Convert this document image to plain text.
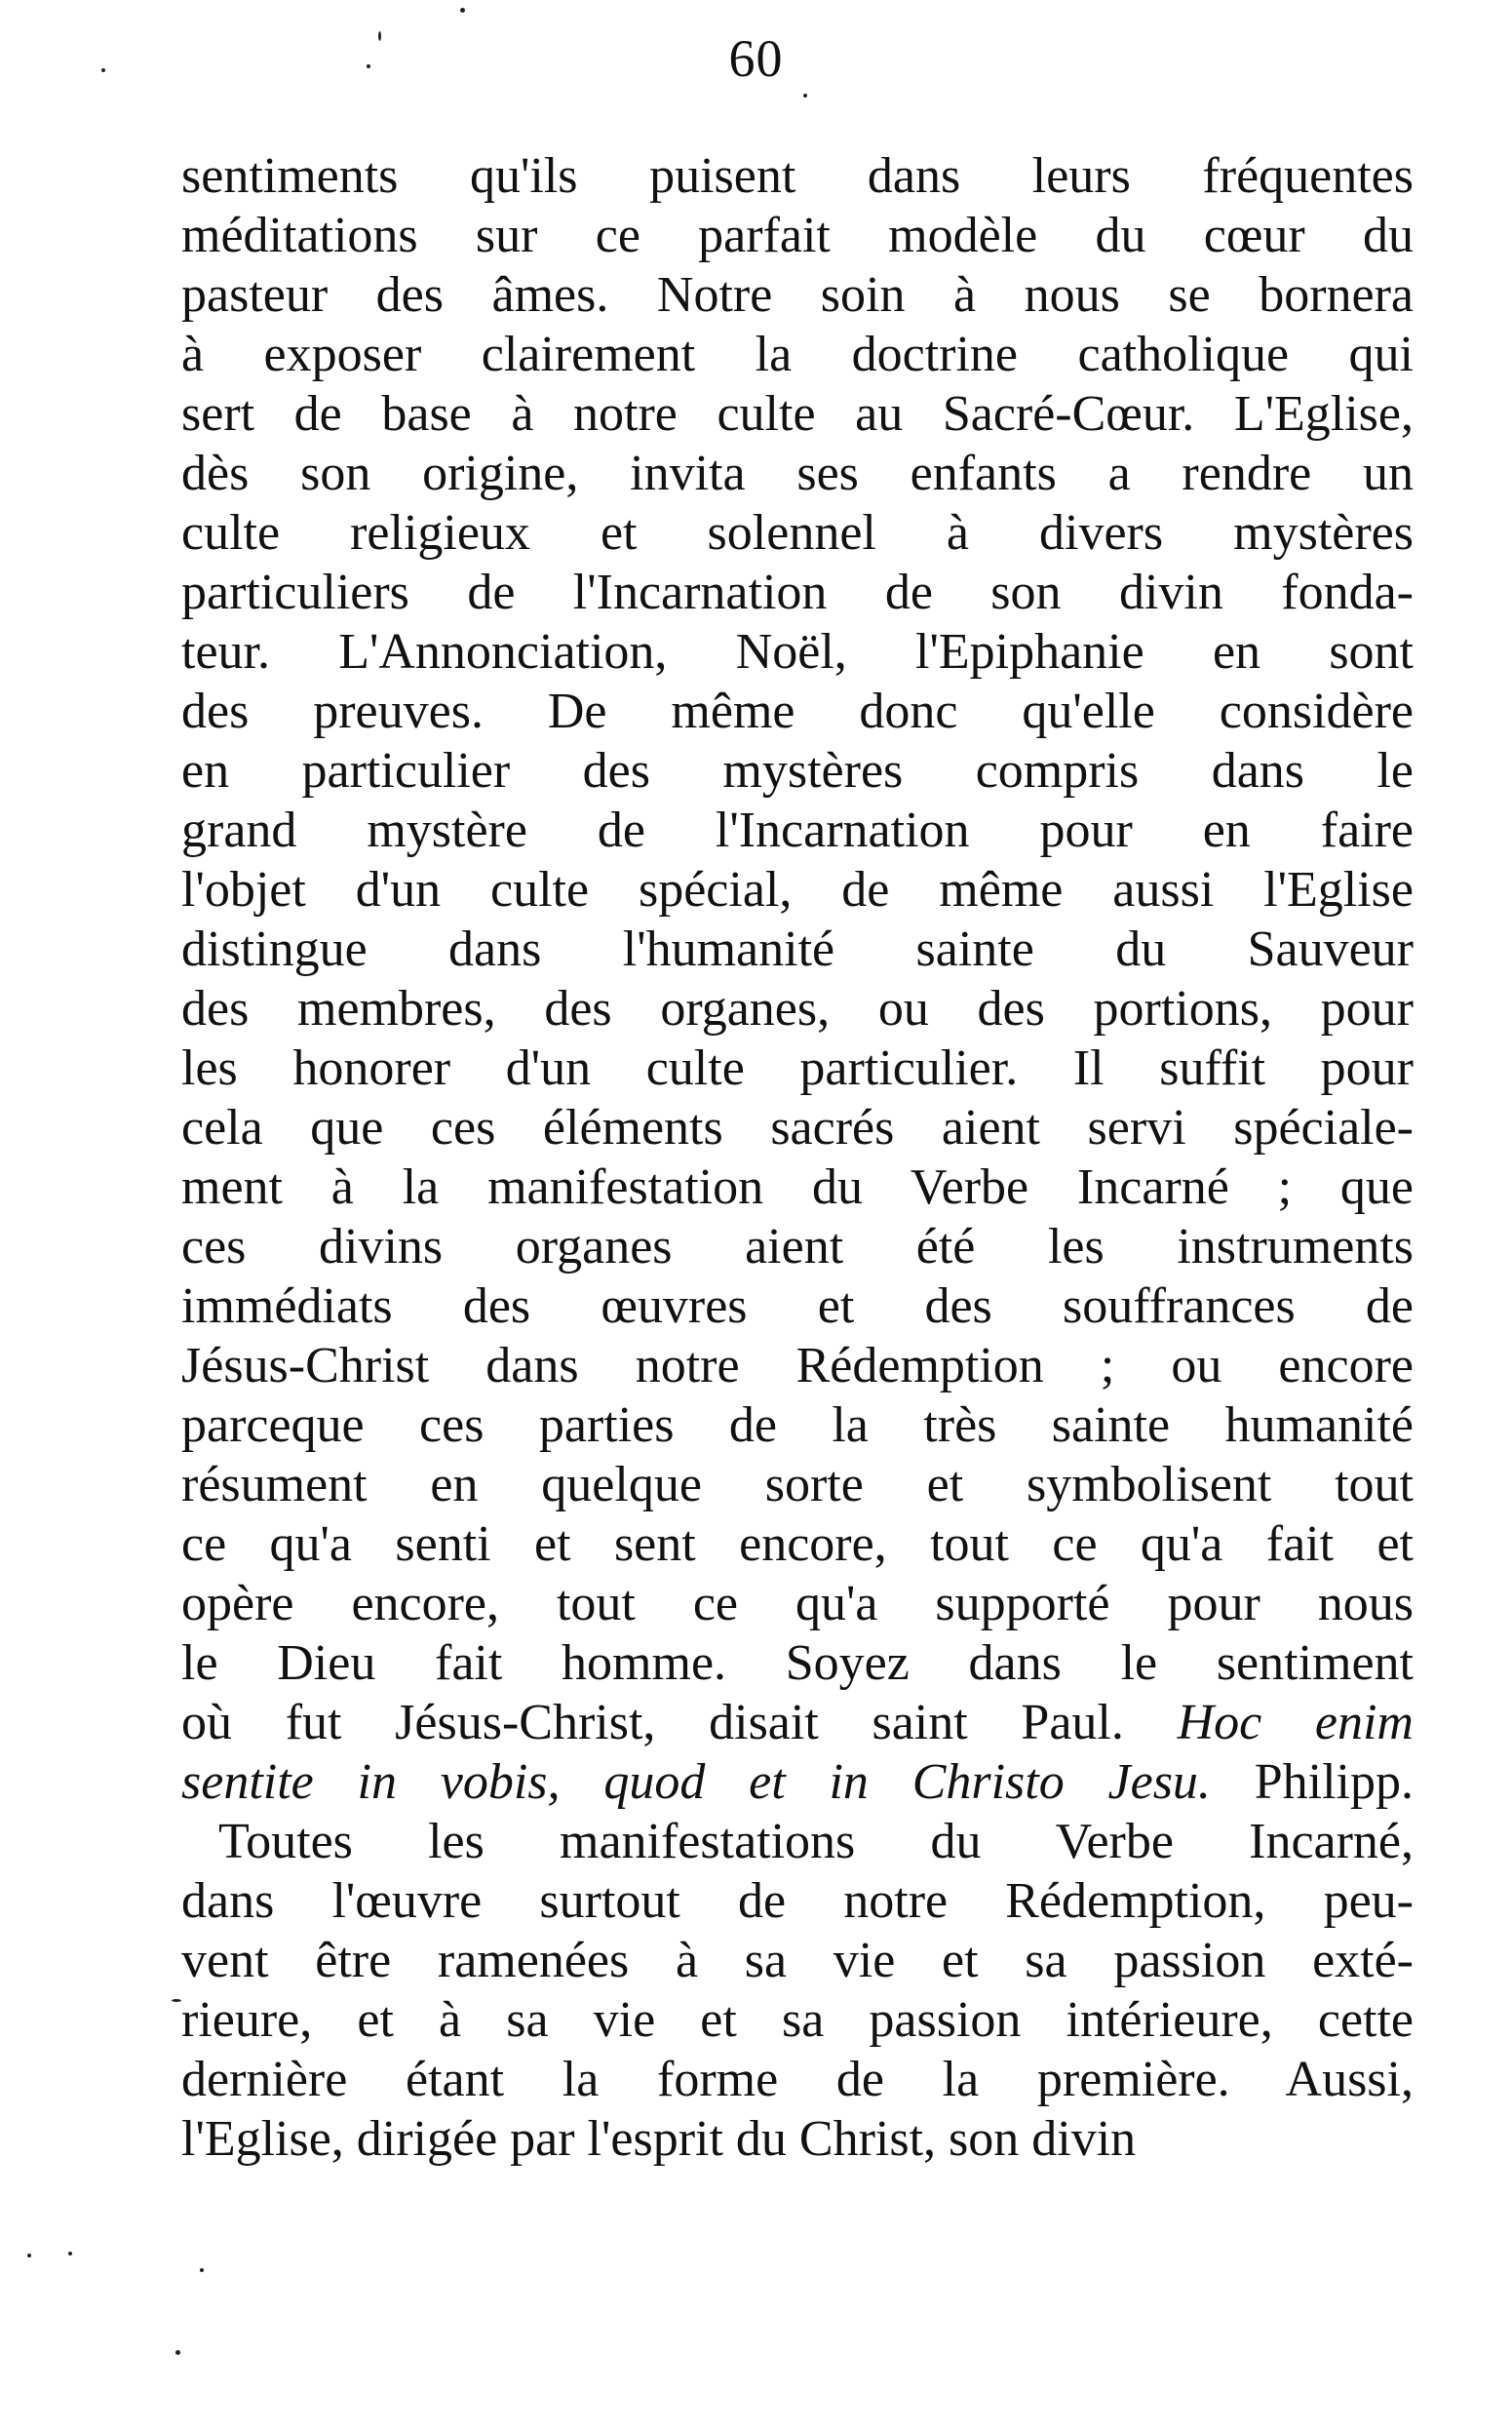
60
sentiments qu'ils puisent dans leurs fréquentes
méditations sur ce parfait modèle du cœur du
pasteur des âmes. Notre soin à nous se bornera
à exposer clairement la doctrine catholique qui
sert de base à notre culte au Sacré-Cœur. L'Eglise,
dès son origine, invita ses enfants a rendre un
culte religieux et solennel à divers mystères
particuliers de l'Incarnation de son divin fonda-
teur. L'Annonciation, Noël, l'Epiphanie en sont
des preuves. De même donc qu'elle considère
en particulier des mystères compris dans le
grand mystère de l'Incarnation pour en faire
l'objet d'un culte spécial, de même aussi l'Eglise
distingue dans l'humanité sainte du Sauveur
des membres, des organes, ou des portions, pour
les honorer d'un culte particulier. Il suffit pour
cela que ces éléments sacrés aient servi spéciale-
ment à la manifestation du Verbe Incarné ; que
ces divins organes aient été les instruments
immédiats des œuvres et des souffrances de
Jésus-Christ dans notre Rédemption ; ou encore
parceque ces parties de la très sainte humanité
résument en quelque sorte et symbolisent tout
ce qu'a senti et sent encore, tout ce qu'a fait et
opère encore, tout ce qu'a supporté pour nous
le Dieu fait homme. Soyez dans le sentiment
où fut Jésus-Christ, disait saint Paul. Hoc enim
sentite in vobis, quod et in Christo Jesu. Philipp.
Toutes les manifestations du Verbe Incarné,
dans l'œuvre surtout de notre Rédemption, peu-
vent être ramenées à sa vie et sa passion exté-
rieure, et à sa vie et sa passion intérieure, cette
dernière étant la forme de la première. Aussi,
l'Eglise, dirigée par l'esprit du Christ, son divin
